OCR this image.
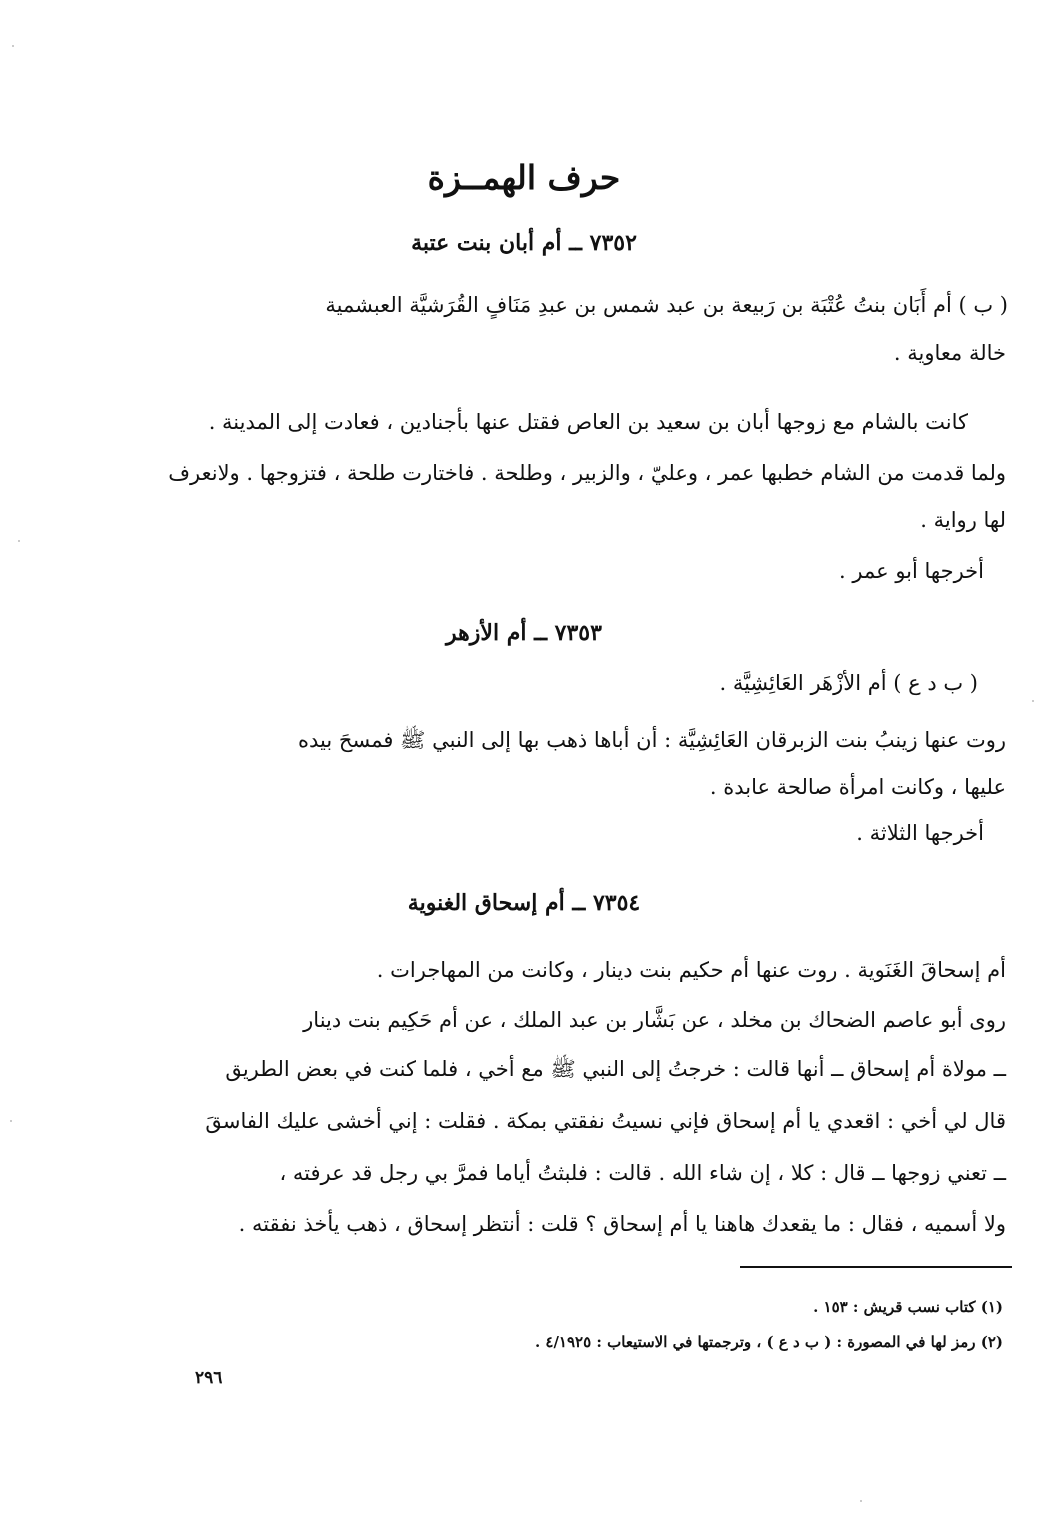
حرف الهمــزة
٧٣٥٢ ــ أم أبان بنت عتبة
( ب ) أم أَبَان بنتُ عُتْبَة بن رَبيعة بن عبد شمس بن عبدِ مَنَافٍ القُرَشيَّة العبشمية
خالة معاوية .
كانت بالشام مع زوجها أبان بن سعيد بن العاص فقتل عنها بأجنادين ، فعادت إلى المدينة .
ولما قدمت من الشام خطبها عمر ، وعليّ ، والزبير ، وطلحة . فاختارت طلحة ، فتزوجها . ولانعرف
لها رواية .
أخرجها أبو عمر .
٧٣٥٣ ــ أم الأزهر
( ب د ع ) أم الأزْهَر العَائِشِيَّة .
روت عنها زينبُ بنت الزبرقان العَائِشِيَّة : أن أباها ذهب بها إلى النبي ﷺ فمسحَ بيده
عليها ، وكانت امرأة صالحة عابدة .
أخرجها الثلاثة .
٧٣٥٤ ــ أم إسحاق الغنوية
أم إسحاقَ الغَنَوية . روت عنها أم حكيم بنت دينار ، وكانت من المهاجرات .
روى أبو عاصم الضحاك بن مخلد ، عن بَشَّار بن عبد الملك ، عن أم حَكِيم بنت دينار
ــ مولاة أم إسحاق ــ أنها قالت : خرجتُ إلى النبي ﷺ مع أخي ، فلما كنت في بعض الطريق
قال لي أخي : اقعدي يا أم إسحاق فإني نسيتُ نفقتي بمكة . فقلت : إني أخشى عليك الفاسقَ
ــ تعني زوجها ــ قال : كلا ، إن شاء الله . قالت : فلبثتُ أياما فمرَّ بي رجل قد عرفته ،
ولا أسميه ، فقال : ما يقعدك هاهنا يا أم إسحاق ؟ قلت : أنتظر إسحاق ، ذهب يأخذ نفقته .
(١) كتاب نسب قريش : ١٥٣ .
(٢) رمز لها في المصورة : ( ب د ع ) ، وترجمتها في الاستيعاب : ٤/١٩٢٥ .
٢٩٦
